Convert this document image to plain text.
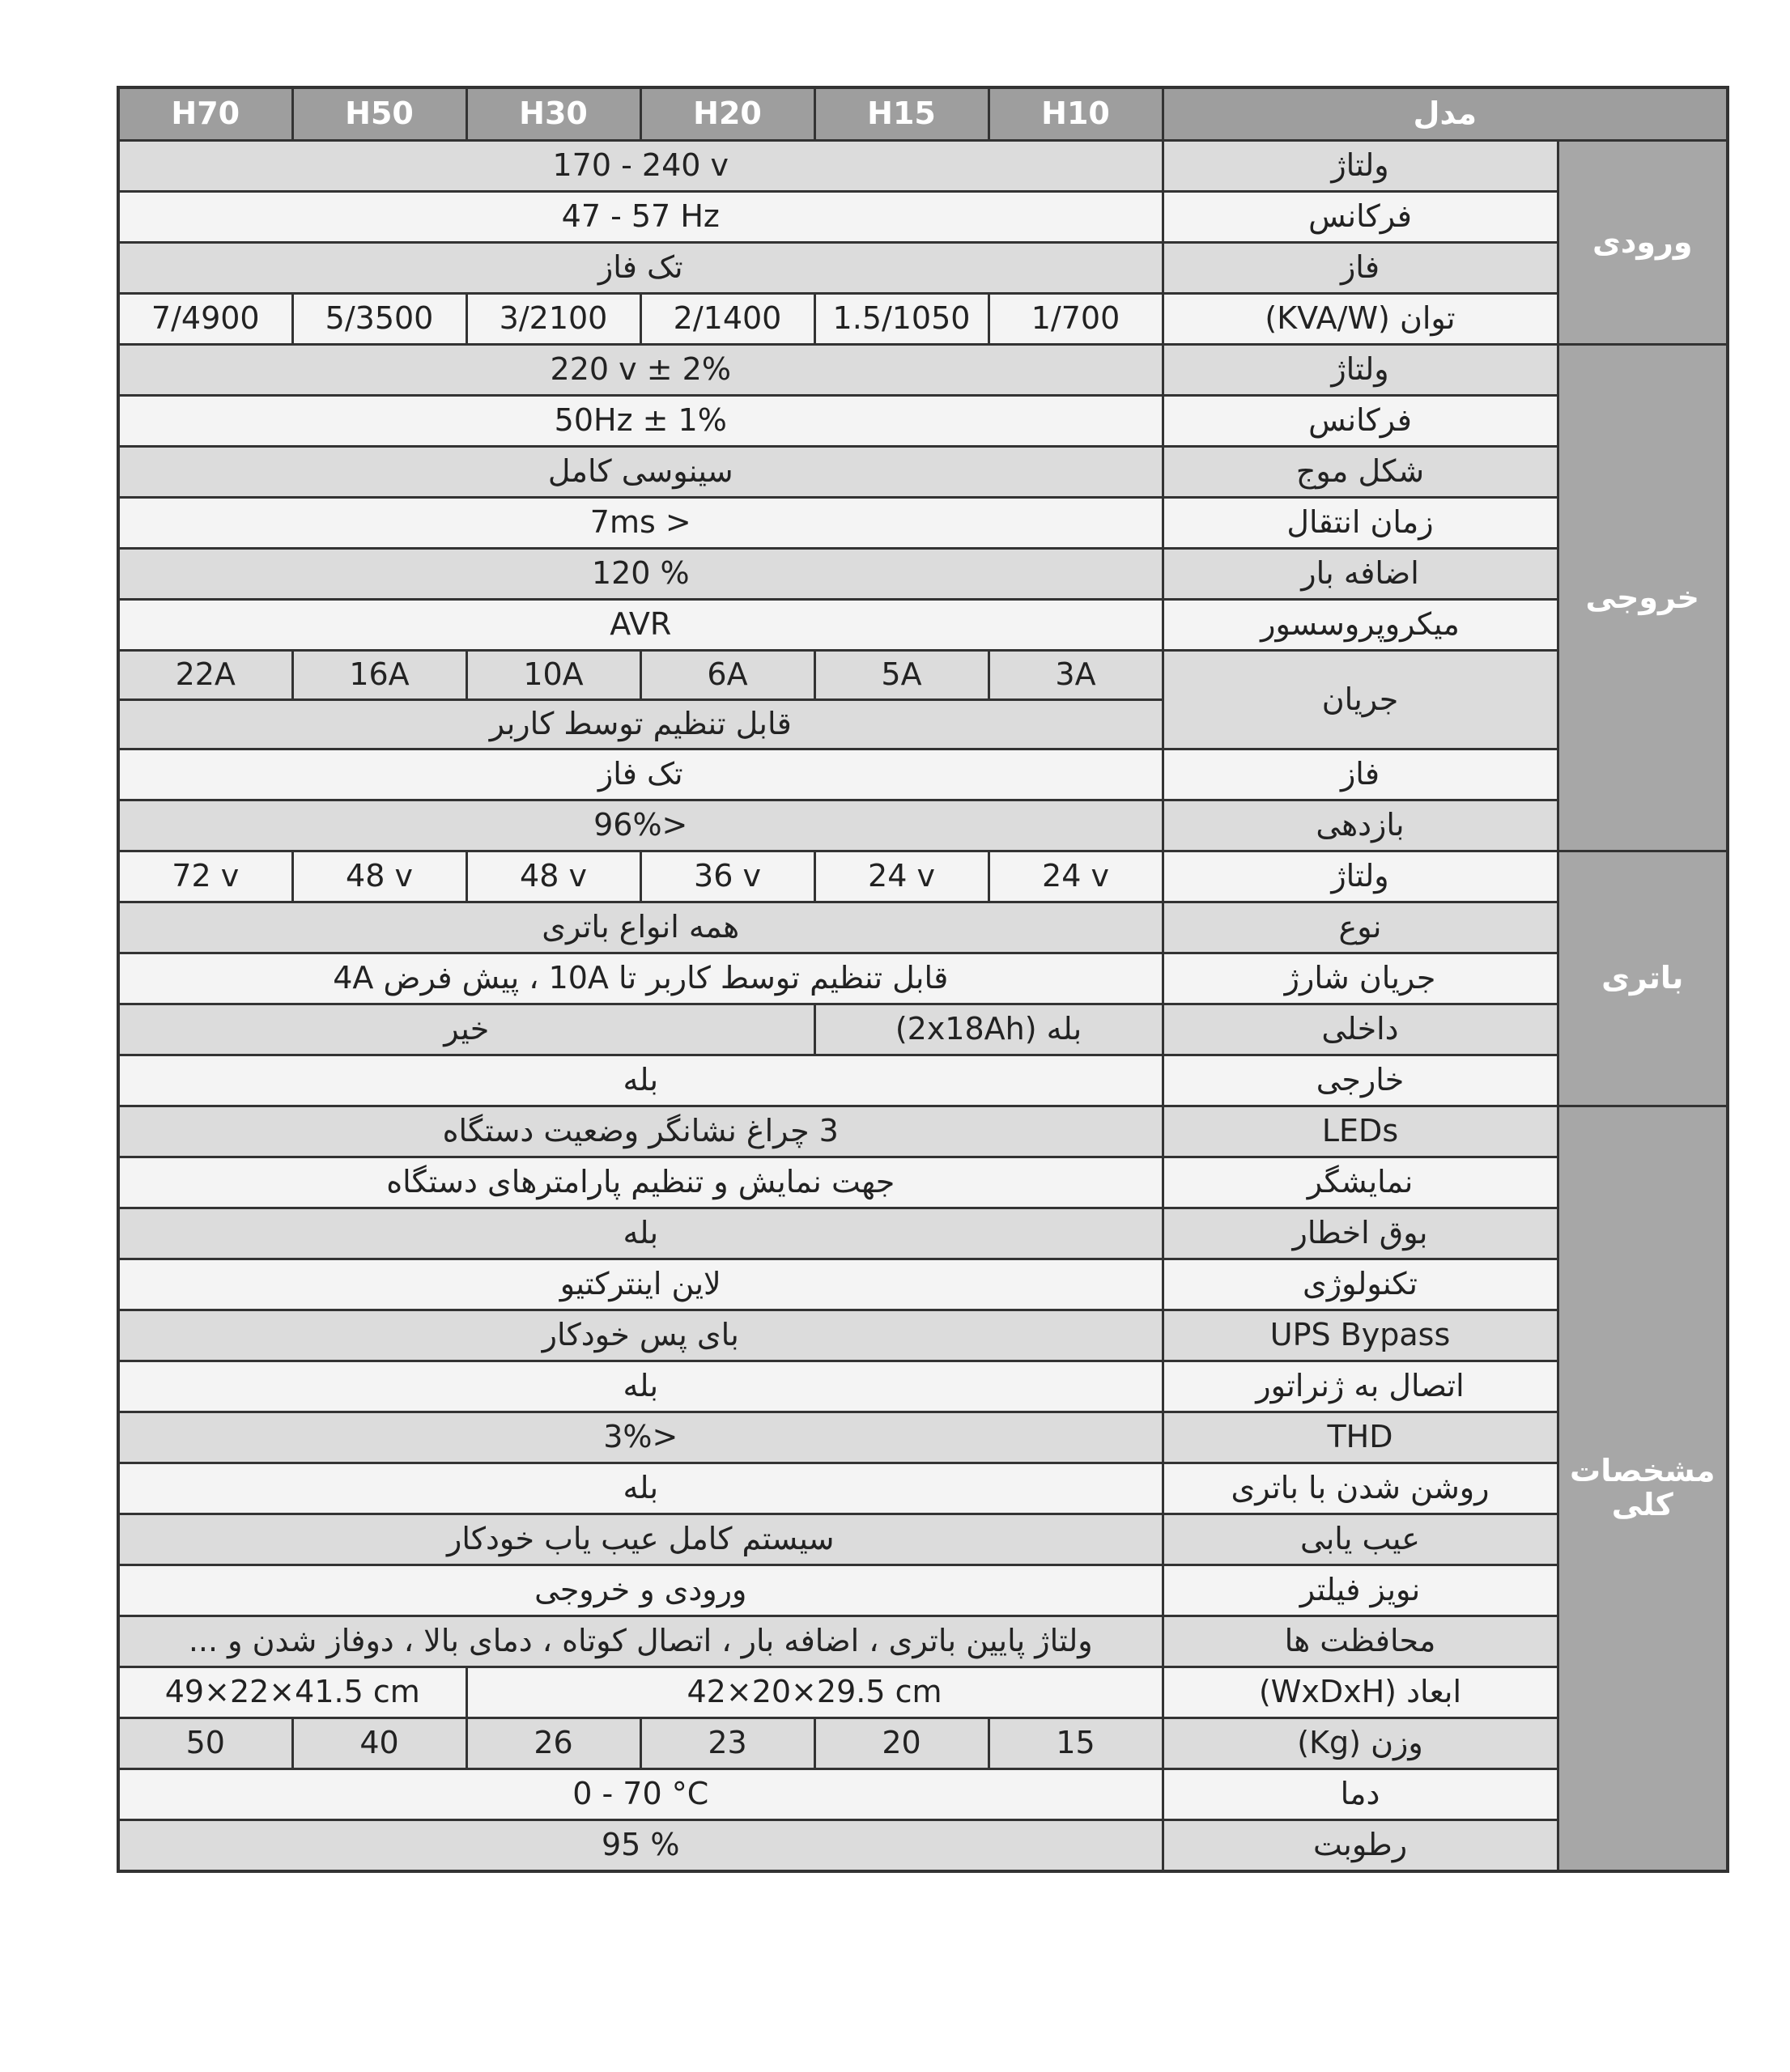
H70	H50	H30	H20	H15	H10	مدل	
170 - 240 v						ولتاژ	ورودی
47 - 57 Hz						فرکانس	
تک فاز						فاز	
7/4900	5/3500	3/2100	2/1400	1.5/1050	1/700	توان (KVA/W)	
220 v ± 2%						ولتاژ	خروجی
50Hz ± 1%						فرکانس	
سینوسی کامل						شکل موج	
7ms >						زمان انتقال	
120 %						اضافه بار	
AVR						میکروپروسسور	
22A	16A	10A	6A	5A	3A	جریان	
قابل تنظیم توسط کاربر							
تک فاز						فاز	
96%>						بازدهی	
72 v	48 v	48 v	36 v	24 v	24 v	ولتاژ	باتری
همه انواع باتری						نوع	
قابل تنظیم توسط کاربر تا 10A ، پیش فرض 4A						جریان شارژ	
خیر				بله (2x18Ah)		داخلی	
بله						خارجی	
3 چراغ نشانگر وضعیت دستگاه						LEDs	مشخصات کلی
جهت نمایش و تنظیم پارامترهای دستگاه						نمایشگر	
بله						بوق اخطار	
لاین اینترکتیو						تکنولوژی	
بای پس خودکار						UPS Bypass	
بله						اتصال به ژنراتور	
3%>						THD	
بله						روشن شدن با باتری	
سیستم کامل عیب یاب خودکار						عیب یابی	
ورودی و خروجی						نویز فیلتر	
ولتاژ پایین باتری ، اضافه بار ، اتصال کوتاه ، دمای بالا ، دوفاز شدن و ...						محافظت ها	
49×22×41.5 cm		42×20×29.5 cm				ابعاد (WxDxH)	
50	40	26	23	20	15	وزن (Kg)	
0 - 70 °C						دما	
95 %						رطوبت	
